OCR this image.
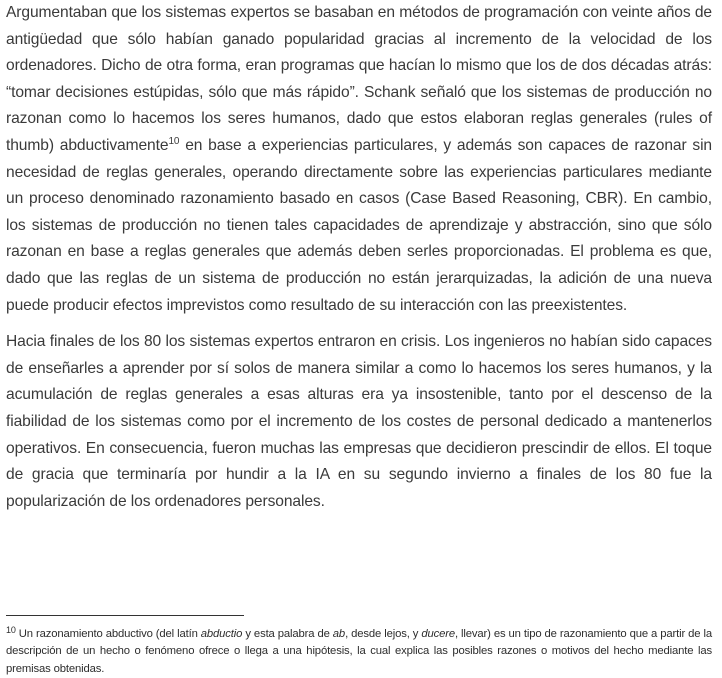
Argumentaban que los sistemas expertos se basaban en métodos de programación con veinte años de antigüedad que sólo habían ganado popularidad gracias al incremento de la velocidad de los ordenadores. Dicho de otra forma, eran programas que hacían lo mismo que los de dos décadas atrás: “tomar decisiones estúpidas, sólo que más rápido”. Schank señaló que los sistemas de producción no razonan como lo hacemos los seres humanos, dado que estos elaboran reglas generales (rules of thumb) abductivamente$^{10}$ en base a experiencias particulares, y además son capaces de razonar sin necesidad de reglas generales, operando directamente sobre las experiencias particulares mediante un proceso denominado razonamiento basado en casos (Case Based Reasoning, CBR). En cambio, los sistemas de producción no tienen tales capacidades de aprendizaje y abstracción, sino que sólo razonan en base a reglas generales que además deben serles proporcionadas. El problema es que, dado que las reglas de un sistema de producción no están jerarquizadas, la adición de una nueva puede producir efectos imprevistos como resultado de su interacción con las preexistentes.

Hacia finales de los 80 los sistemas expertos entraron en crisis. Los ingenieros no habían sido capaces de enseñarles a aprender por sí solos de manera similar a como lo hacemos los seres humanos, y la acumulación de reglas generales a esas alturas era ya insostenible, tanto por el descenso de la fiabilidad de los sistemas como por el incremento de los costes de personal dedicado a mantenerlos operativos. En consecuencia, fueron muchas las empresas que decidieron prescindir de ellos. El toque de gracia que terminaría por hundir a la IA en su segundo invierno a finales de los 80 fue la popularización de los ordenadores personales.

$^{10}$ Un razonamiento abductivo (del latín abductio y esta palabra de ab, desde lejos, y ducere, llevar) es un tipo de razonamiento que a partir de la descripción de un hecho o fenómeno ofrece o llega a una hipótesis, la cual explica las posibles razones o motivos del hecho mediante las premisas obtenidas.
